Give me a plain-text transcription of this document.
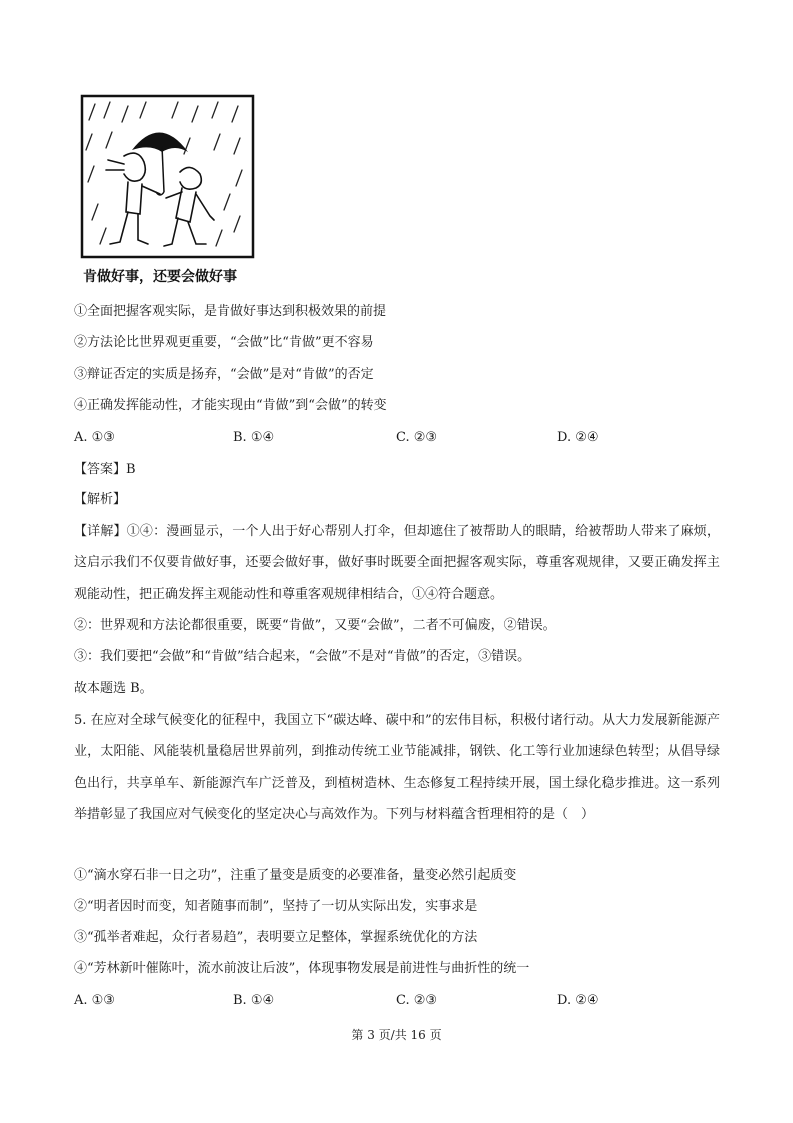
肯做好事，还要会做好事
①全面把握客观实际，是肯做好事达到积极效果的前提
②方法论比世界观更重要，“会做”比“肯做”更不容易
③辩证否定的实质是扬弃，“会做”是对“肯做”的否定
④正确发挥能动性，才能实现由“肯做”到“会做”的转变
A. ①③	B. ①④	C. ②③	D. ②④
【答案】B
【解析】
【详解】①④：漫画显示，一个人出于好心帮别人打伞，但却遮住了被帮助人的眼睛，给被帮助人带来了麻烦，这启示我们不仅要肯做好事，还要会做好事，做好事时既要全面把握客观实际，尊重客观规律，又要正确发挥主观能动性，把正确发挥主观能动性和尊重客观规律相结合，①④符合题意。
②：世界观和方法论都很重要，既要“肯做”，又要“会做”，二者不可偏废，②错误。
③：我们要把“会做”和“肯做”结合起来，“会做”不是对“肯做”的否定，③错误。
故本题选 B。
5. 在应对全球气候变化的征程中，我国立下“碳达峰、碳中和”的宏伟目标，积极付诸行动。从大力发展新能源产业，太阳能、风能装机量稳居世界前列，到推动传统工业节能减排，钢铁、化工等行业加速绿色转型；从倡导绿色出行，共享单车、新能源汽车广泛普及，到植树造林、生态修复工程持续开展，国土绿化稳步推进。这一系列举措彰显了我国应对气候变化的坚定决心与高效作为。下列与材料蕴含哲理相符的是（　）
①“滴水穿石非一日之功”，注重了量变是质变的必要准备，量变必然引起质变
②“明者因时而变，知者随事而制”，坚持了一切从实际出发，实事求是
③“孤举者难起，众行者易趋”，表明要立足整体，掌握系统优化的方法
④“芳林新叶催陈叶，流水前波让后波”，体现事物发展是前进性与曲折性的统一
A. ①③	B. ①④	C. ②③	D. ②④
第 3 页/共 16 页
